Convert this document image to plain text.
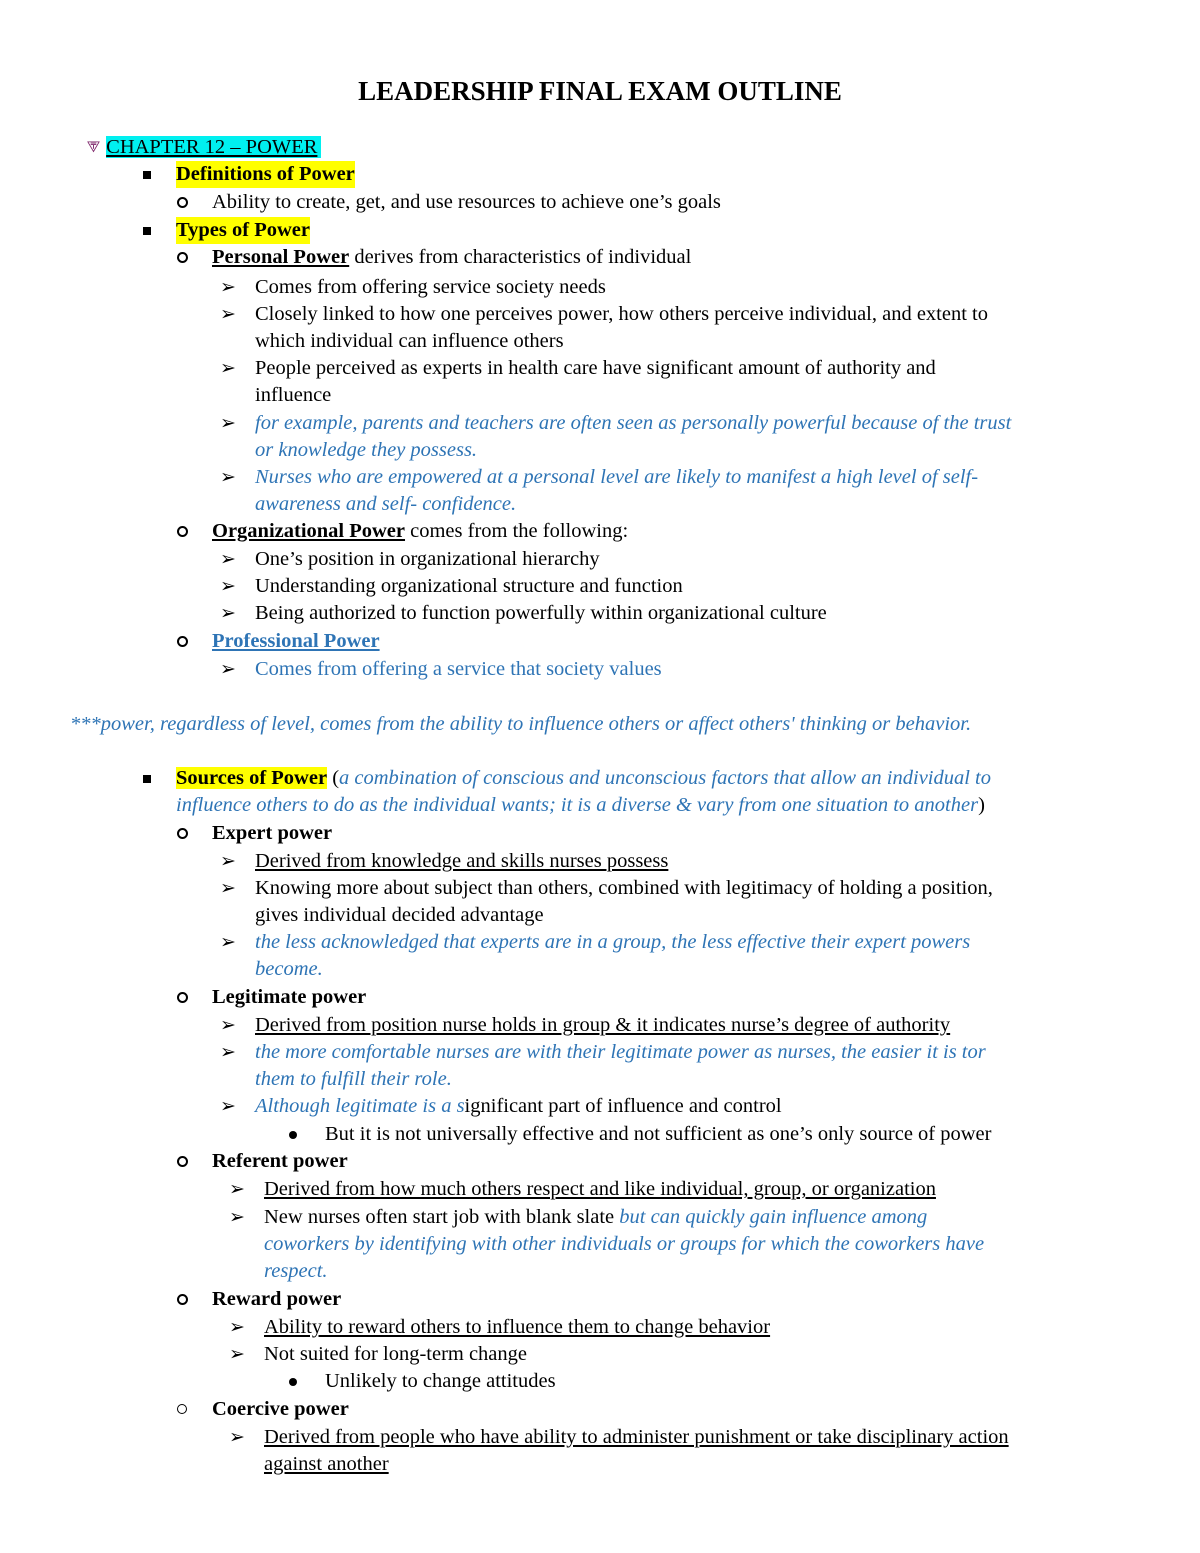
LEADERSHIP FINAL EXAM OUTLINE
⮗ CHAPTER 12 – POWER
Definitions of Power
Ability to create, get, and use resources to achieve one’s goals
Types of Power
Personal Power derives from characteristics of individual
➢ Comes from offering service society needs
➢ Closely linked to how one perceives power, how others perceive individual, and extent to
which individual can influence others
➢ People perceived as experts in health care have significant amount of authority and
influence
➢ for example, parents and teachers are often seen as personally powerful because of the trust
or knowledge they possess.
➢ Nurses who are empowered at a personal level are likely to manifest a high level of self-
awareness and self- confidence.
Organizational Power comes from the following:
➢ One’s position in organizational hierarchy
➢ Understanding organizational structure and function
➢ Being authorized to function powerfully within organizational culture
Professional Power
➢ Comes from offering a service that society values
***power, regardless of level, comes from the ability to influence others or affect others' thinking or behavior.
Sources of Power (a combination of conscious and unconscious factors that allow an individual to
influence others to do as the individual wants; it is a diverse & vary from one situation to another)
Expert power
➢ Derived from knowledge and skills nurses possess
➢ Knowing more about subject than others, combined with legitimacy of holding a position,
gives individual decided advantage
➢ the less acknowledged that experts are in a group, the less effective their expert powers
become.
Legitimate power
➢ Derived from position nurse holds in group & it indicates nurse’s degree of authority
➢ the more comfortable nurses are with their legitimate power as nurses, the easier it is tor
them to fulfill their role.
➢ Although legitimate is a significant part of influence and control
But it is not universally effective and not sufficient as one’s only source of power
Referent power
➢ Derived from how much others respect and like individual, group, or organization
➢ New nurses often start job with blank slate but can quickly gain influence among
coworkers by identifying with other individuals or groups for which the coworkers have
respect.
Reward power
➢ Ability to reward others to influence them to change behavior
➢ Not suited for long-term change
Unlikely to change attitudes
Coercive power
➢ Derived from people who have ability to administer punishment or take disciplinary action
against another
